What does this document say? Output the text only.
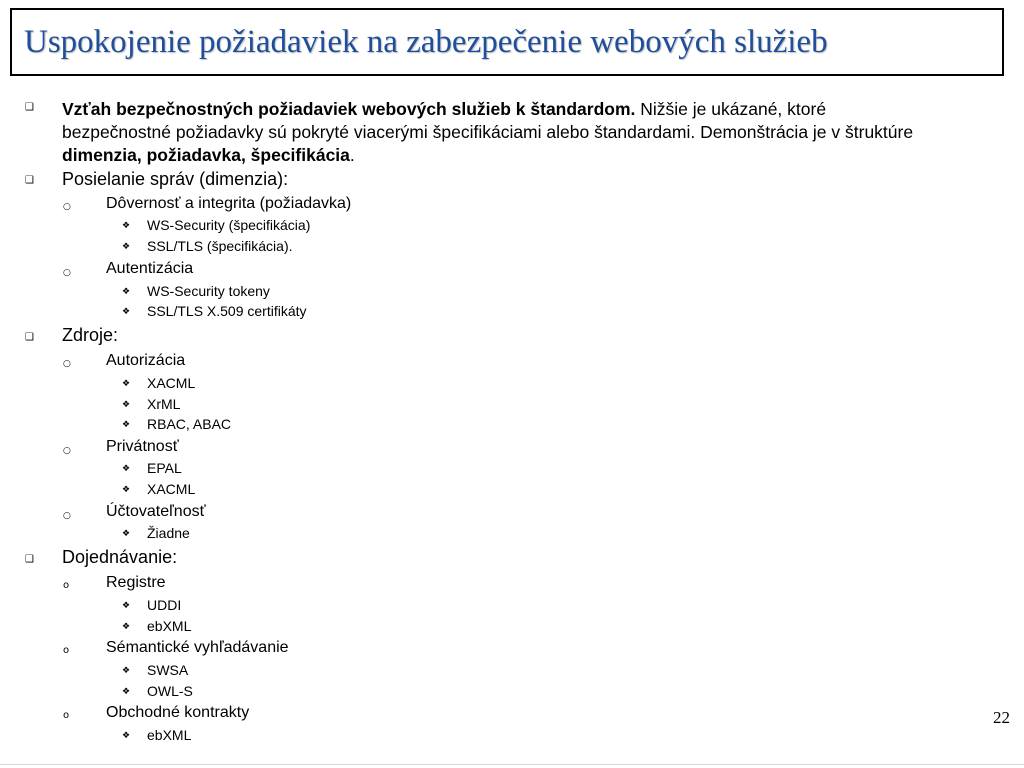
Uspokojenie požiadaviek na zabezpečenie webových služieb
❑ Vzťah bezpečnostných požiadaviek webových služieb k štandardom. Nižšie je ukázané, ktoré bezpečnostné požiadavky sú pokryté viacerými špecifikáciami alebo štandardami. Demonštrácia je v štruktúre dimenzia, požiadavka, špecifikácia.
❑ Posielanie správ (dimenzia):
○ Dôvernosť a integrita (požiadavka)
❖ WS-Security (špecifikácia)
❖ SSL/TLS (špecifikácia).
○ Autentizácia
❖ WS-Security tokeny
❖ SSL/TLS X.509 certifikáty
❑ Zdroje:
○ Autorizácia
❖ XACML
❖ XrML
❖ RBAC, ABAC
○ Privátnosť
❖ EPAL
❖ XACML
○ Účtovateľnosť
❖ Žiadne
❑ Dojednávanie:
o Registre
❖ UDDI
❖ ebXML
o Sémantické vyhľadávanie
❖ SWSA
❖ OWL-S
o Obchodné kontrakty
❖ ebXML
22
